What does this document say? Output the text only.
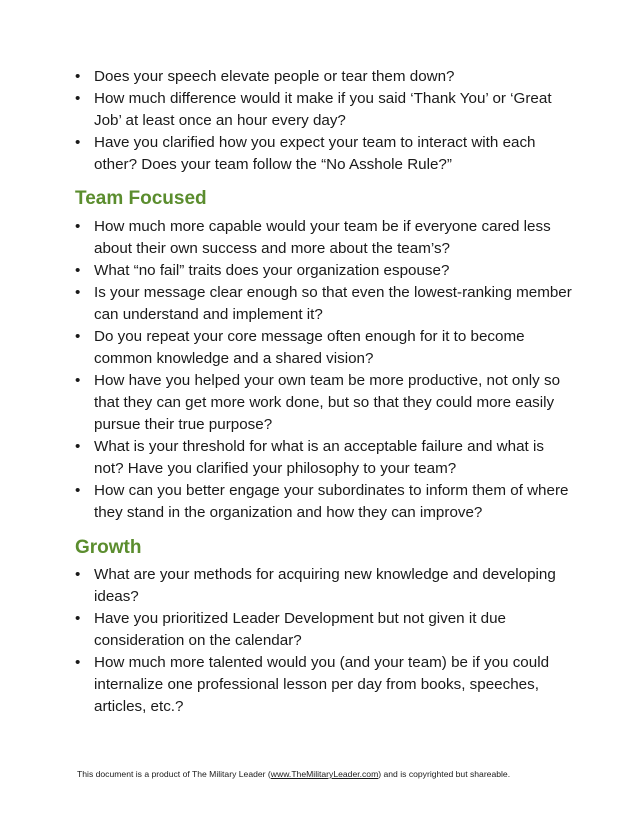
• Does your speech elevate people or tear them down?
• How much difference would it make if you said ‘Thank You’ or ‘Great Job’ at least once an hour every day?
• Have you clarified how you expect your team to interact with each other? Does your team follow the “No Asshole Rule?”
Team Focused
• How much more capable would your team be if everyone cared less about their own success and more about the team’s?
• What “no fail” traits does your organization espouse?
• Is your message clear enough so that even the lowest-ranking member can understand and implement it?
• Do you repeat your core message often enough for it to become common knowledge and a shared vision?
• How have you helped your own team be more productive, not only so that they can get more work done, but so that they could more easily pursue their true purpose?
• What is your threshold for what is an acceptable failure and what is not? Have you clarified your philosophy to your team?
• How can you better engage your subordinates to inform them of where they stand in the organization and how they can improve?
Growth
• What are your methods for acquiring new knowledge and developing ideas?
• Have you prioritized Leader Development but not given it due consideration on the calendar?
• How much more talented would you (and your team) be if you could internalize one professional lesson per day from books, speeches, articles, etc.?
This document is a product of The Military Leader (www.TheMilitaryLeader.com) and is copyrighted but shareable.
